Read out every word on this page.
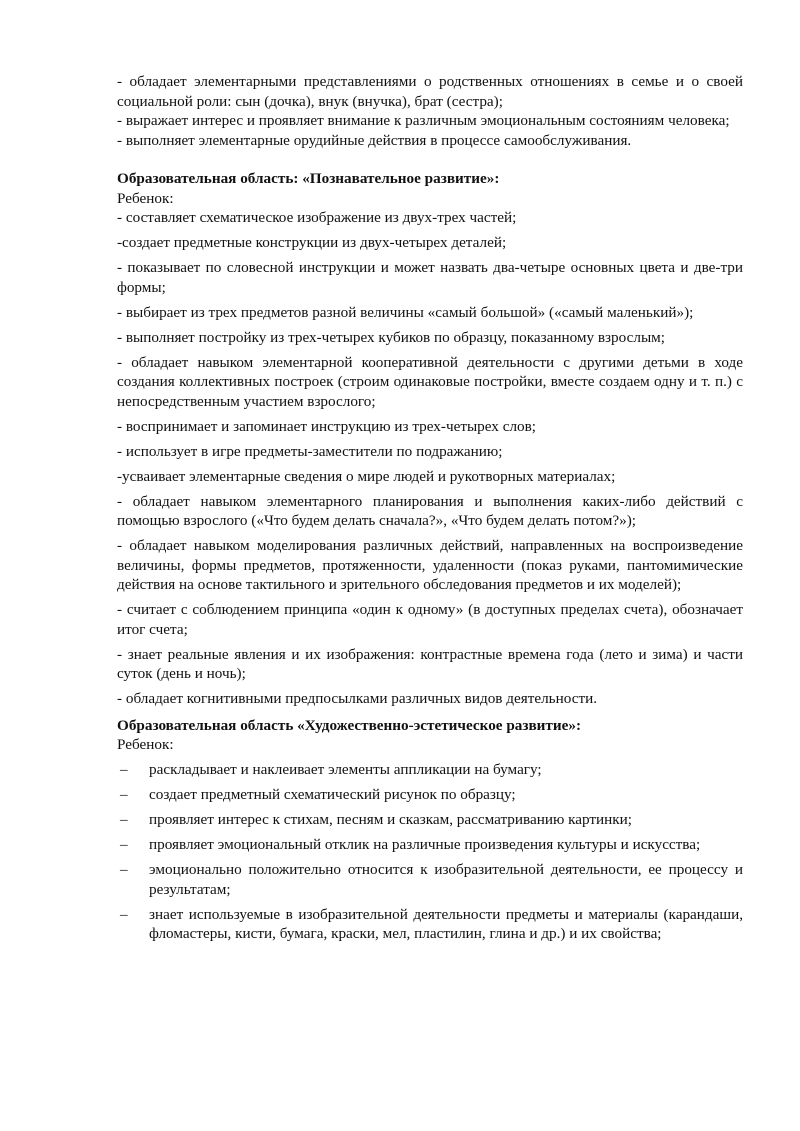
- обладает элементарными представлениями о родственных отношениях в семье и о своей социальной роли: сын (дочка), внук (внучка), брат (сестра);

- выражает интерес и проявляет внимание к различным эмоциональным состояниям человека;

- выполняет элементарные орудийные действия в процессе самообслуживания.

Образовательная область: «Познавательное развитие»:

Ребенок:

- составляет схематическое изображение из двух-трех частей;

-создает предметные конструкции из двух-четырех деталей;

- показывает по словесной инструкции и может назвать два-четыре основных цвета и две-три формы;

- выбирает из трех предметов разной величины «самый большой» («самый маленький»);

- выполняет постройку из трех-четырех кубиков по образцу, показанному взрослым;

- обладает навыком элементарной кооперативной деятельности с другими детьми в ходе создания коллективных построек (строим одинаковые постройки, вместе создаем одну и т. п.) с непосредственным участием взрослого;

- воспринимает и запоминает инструкцию из трех-четырех слов;

- использует в игре предметы-заместители по подражанию;

-усваивает элементарные сведения о мире людей и рукотворных материалах;

- обладает навыком элементарного планирования и выполнения каких-либо действий с помощью взрослого («Что будем делать сначала?», «Что будем делать потом?»);

- обладает навыком моделирования различных действий, направленных на воспроизведение величины, формы предметов, протяженности, удаленности (показ руками, пантомимические действия на основе тактильного и зрительного обследования предметов и их моделей);

- считает с соблюдением принципа «один к одному» (в доступных пределах счета), обозначает итог счета;

- знает реальные явления и их изображения: контрастные времена года (лето и зима) и части суток (день и ночь);

- обладает когнитивными предпосылками различных видов деятельности.

Образовательная область «Художественно-эстетическое развитие»:

Ребенок:

– раскладывает и наклеивает элементы аппликации на бумагу;
– создает предметный схематический рисунок по образцу;
– проявляет интерес к стихам, песням и сказкам, рассматриванию картинки;
– проявляет эмоциональный отклик на различные произведения культуры и искусства;
– эмоционально положительно относится к изобразительной деятельности, ее процессу и результатам;
– знает используемые в изобразительной деятельности предметы и материалы (карандаши, фломастеры, кисти, бумага, краски, мел, пластилин, глина и др.) и их свойства;
